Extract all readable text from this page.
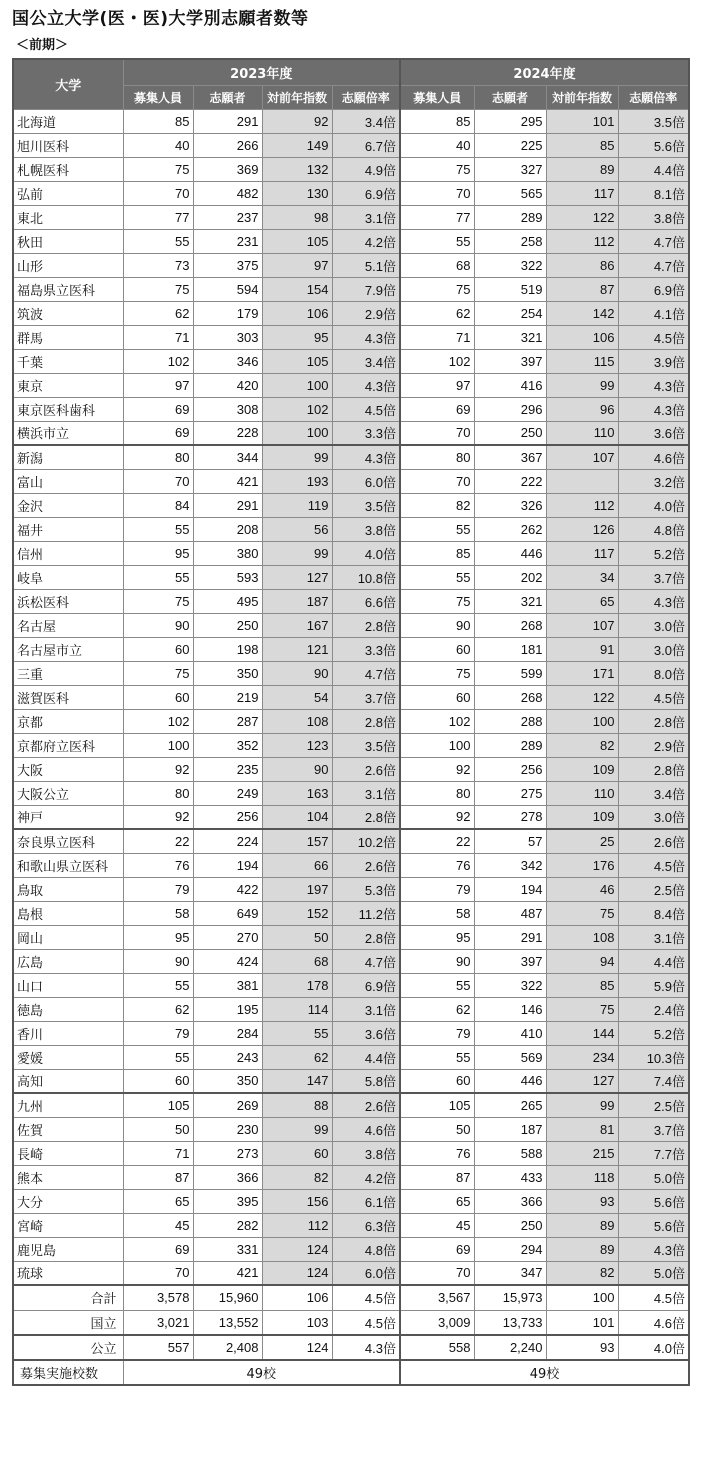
国公立大学(医・医)大学別志願者数等
＜前期＞
大学	2023年度				2024年度			
	募集人員	志願者	対前年指数	志願倍率	募集人員	志願者	対前年指数	志願倍率
北海道	85	291	92	3.4倍	85	295	101	3.5倍
旭川医科	40	266	149	6.7倍	40	225	85	5.6倍
札幌医科	75	369	132	4.9倍	75	327	89	4.4倍
弘前	70	482	130	6.9倍	70	565	117	8.1倍
東北	77	237	98	3.1倍	77	289	122	3.8倍
秋田	55	231	105	4.2倍	55	258	112	4.7倍
山形	73	375	97	5.1倍	68	322	86	4.7倍
福島県立医科	75	594	154	7.9倍	75	519	87	6.9倍
筑波	62	179	106	2.9倍	62	254	142	4.1倍
群馬	71	303	95	4.3倍	71	321	106	4.5倍
千葉	102	346	105	3.4倍	102	397	115	3.9倍
東京	97	420	100	4.3倍	97	416	99	4.3倍
東京医科歯科	69	308	102	4.5倍	69	296	96	4.3倍
横浜市立	69	228	100	3.3倍	70	250	110	3.6倍
新潟	80	344	99	4.3倍	80	367	107	4.6倍
富山	70	421	193	6.0倍	70	222		3.2倍
金沢	84	291	119	3.5倍	82	326	112	4.0倍
福井	55	208	56	3.8倍	55	262	126	4.8倍
信州	95	380	99	4.0倍	85	446	117	5.2倍
岐阜	55	593	127	10.8倍	55	202	34	3.7倍
浜松医科	75	495	187	6.6倍	75	321	65	4.3倍
名古屋	90	250	167	2.8倍	90	268	107	3.0倍
名古屋市立	60	198	121	3.3倍	60	181	91	3.0倍
三重	75	350	90	4.7倍	75	599	171	8.0倍
滋賀医科	60	219	54	3.7倍	60	268	122	4.5倍
京都	102	287	108	2.8倍	102	288	100	2.8倍
京都府立医科	100	352	123	3.5倍	100	289	82	2.9倍
大阪	92	235	90	2.6倍	92	256	109	2.8倍
大阪公立	80	249	163	3.1倍	80	275	110	3.4倍
神戸	92	256	104	2.8倍	92	278	109	3.0倍
奈良県立医科	22	224	157	10.2倍	22	57	25	2.6倍
和歌山県立医科	76	194	66	2.6倍	76	342	176	4.5倍
鳥取	79	422	197	5.3倍	79	194	46	2.5倍
島根	58	649	152	11.2倍	58	487	75	8.4倍
岡山	95	270	50	2.8倍	95	291	108	3.1倍
広島	90	424	68	4.7倍	90	397	94	4.4倍
山口	55	381	178	6.9倍	55	322	85	5.9倍
徳島	62	195	114	3.1倍	62	146	75	2.4倍
香川	79	284	55	3.6倍	79	410	144	5.2倍
愛媛	55	243	62	4.4倍	55	569	234	10.3倍
高知	60	350	147	5.8倍	60	446	127	7.4倍
九州	105	269	88	2.6倍	105	265	99	2.5倍
佐賀	50	230	99	4.6倍	50	187	81	3.7倍
長崎	71	273	60	3.8倍	76	588	215	7.7倍
熊本	87	366	82	4.2倍	87	433	118	5.0倍
大分	65	395	156	6.1倍	65	366	93	5.6倍
宮崎	45	282	112	6.3倍	45	250	89	5.6倍
鹿児島	69	331	124	4.8倍	69	294	89	4.3倍
琉球	70	421	124	6.0倍	70	347	82	5.0倍
合計	3,578	15,960	106	4.5倍	3,567	15,973	100	4.5倍
国立	3,021	13,552	103	4.5倍	3,009	13,733	101	4.6倍
公立	557	2,408	124	4.3倍	558	2,240	93	4.0倍
募集実施校数	49校				49校			
